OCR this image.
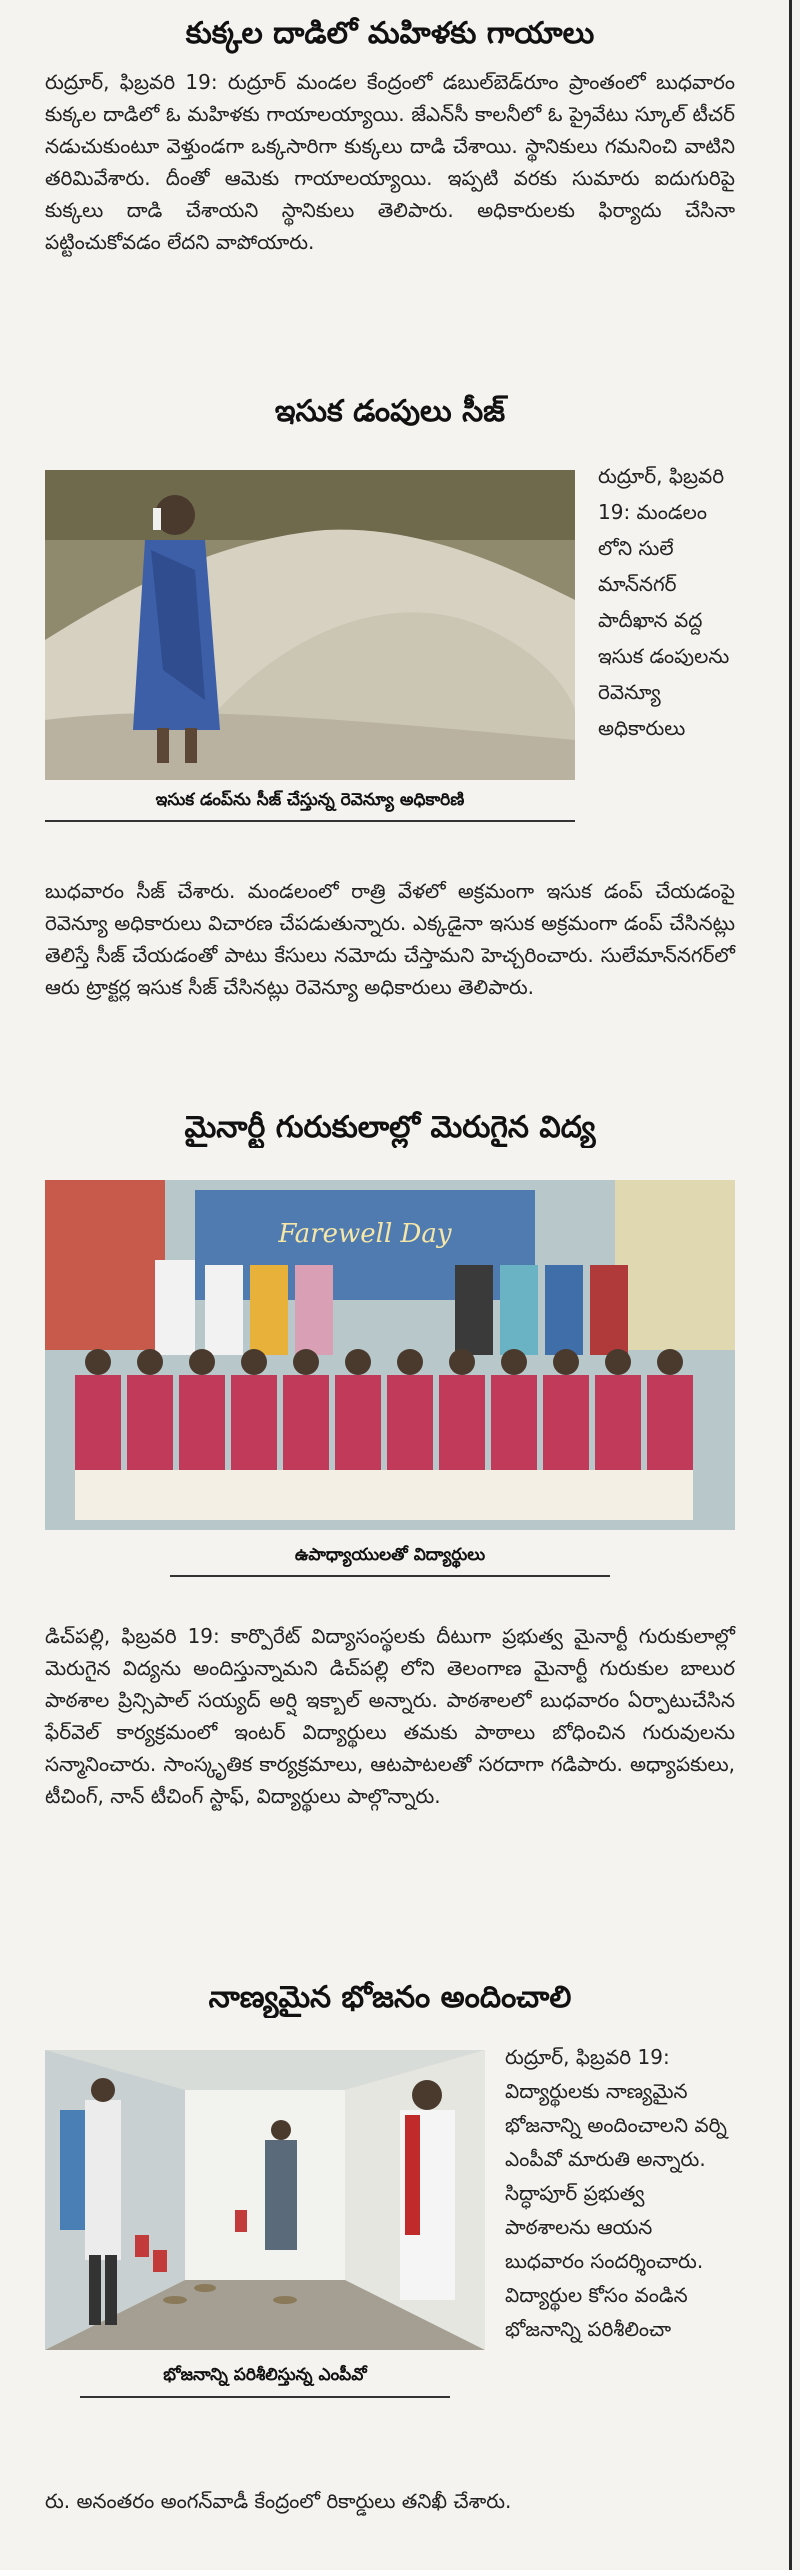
కుక్కల దాడిలో మహిళకు గాయాలు

రుద్రూర్, ఫిబ్రవరి 19: రుద్రూర్ మండల కేంద్రంలో డబుల్‌బెడ్‌రూం ప్రాంతంలో బుధవారం కుక్కల దాడిలో ఓ మహిళకు గాయాలయ్యాయి. జేఎన్‌సీ కాలనీలో ఓ ప్రైవేటు స్కూల్ టీచర్ నడుచుకుంటూ వెళ్తుండగా ఒక్కసారిగా కుక్కలు దాడి చేశాయి. స్థానికులు గమనించి వాటిని తరిమివేశారు. దీంతో ఆమెకు గాయాలయ్యాయి. ఇప్పటి వరకు సుమారు ఐదుగురిపై కుక్కలు దాడి చేశాయని స్థానికులు తెలిపారు. అధికారులకు ఫిర్యాదు చేసినా పట్టించుకోవడం లేదని వాపోయారు.

ఇసుక డంపులు సీజ్
ఇసుక డంప్‌ను సీజ్ చేస్తున్న రెవెన్యూ అధికారిణి

రుద్రూర్, ఫిబ్రవరి 19: మండలం లోని సులే మాన్‌నగర్ పాదీఖాన వద్ద ఇసుక డంపులను రెవెన్యూ అధికారులు

బుధవారం సీజ్ చేశారు. మండలంలో రాత్రి వేళలో అక్రమంగా ఇసుక డంప్ చేయడంపై రెవెన్యూ అధికారులు విచారణ చేపడుతున్నారు. ఎక్కడైనా ఇసుక అక్రమంగా డంప్ చేసినట్లు తెలిస్తే సీజ్ చేయడంతో పాటు కేసులు నమోదు చేస్తామని హెచ్చరించారు. సులేమాన్‌నగర్‌లో ఆరు ట్రాక్టర్ల ఇసుక సీజ్ చేసినట్లు రెవెన్యూ అధికారులు తెలిపారు.

మైనార్టీ గురుకులాల్లో మెరుగైన విద్య
Farewell Day
ఉపాధ్యాయులతో విద్యార్థులు

డిచ్‌పల్లి, ఫిబ్రవరి 19: కార్పొరేట్ విద్యాసంస్థలకు దీటుగా ప్రభుత్వ మైనార్టీ గురుకులాల్లో మెరుగైన విద్యను అందిస్తున్నామని డిచ్‌పల్లి లోని తెలంగాణ మైనార్టీ గురుకుల బాలుర పాఠశాల ప్రిన్సిపాల్ సయ్యద్ అర్షి ఇక్బాల్ అన్నారు. పాఠశాలలో బుధవారం ఏర్పాటుచేసిన ఫేర్‌వెల్ కార్యక్రమంలో ఇంటర్ విద్యార్థులు తమకు పాఠాలు బోధించిన గురువులను సన్మానించారు. సాంస్కృతిక కార్యక్రమాలు, ఆటపాటలతో సరదాగా గడిపారు. అధ్యాపకులు, టీచింగ్, నాన్ టీచింగ్ స్టాఫ్, విద్యార్థులు పాల్గొన్నారు.

నాణ్యమైన భోజనం అందించాలి
భోజనాన్ని పరిశీలిస్తున్న ఎంపీవో

రుద్రూర్, ఫిబ్రవరి 19: విద్యార్థులకు నాణ్యమైన భోజనాన్ని అందించాలని వర్ని ఎంపీవో మారుతి అన్నారు. సిద్ధాపూర్ ప్రభుత్వ పాఠశాలను ఆయన బుధవారం సందర్శించారు. విద్యార్థుల కోసం వండిన భోజనాన్ని పరిశీలించా

రు. అనంతరం అంగన్‌వాడీ కేంద్రంలో రికార్డులు తనిఖీ చేశారు.
